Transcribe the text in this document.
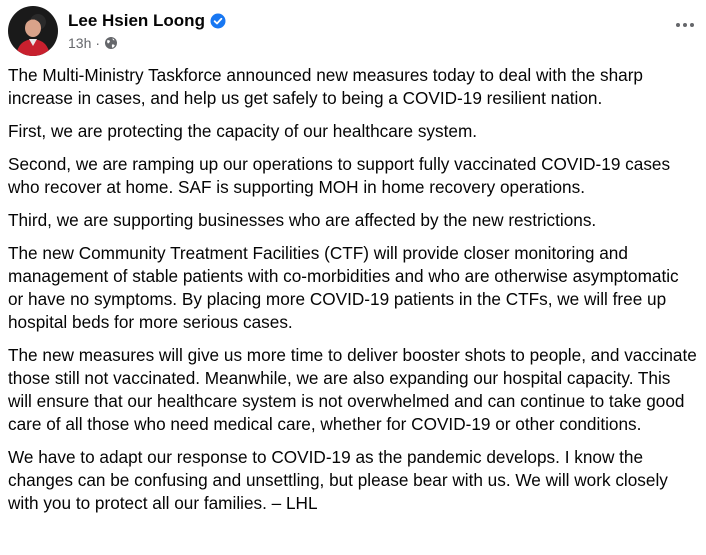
Lee Hsien Loong
13h ·

The Multi-Ministry Taskforce announced new measures today to deal with the sharp increase in cases, and help us get safely to being a COVID-19 resilient nation.

First, we are protecting the capacity of our healthcare system.

Second, we are ramping up our operations to support fully vaccinated COVID-19 cases who recover at home. SAF is supporting MOH in home recovery operations.

Third, we are supporting businesses who are affected by the new restrictions.

The new Community Treatment Facilities (CTF) will provide closer monitoring and management of stable patients with co-morbidities and who are otherwise asymptomatic or have no symptoms. By placing more COVID-19 patients in the CTFs, we will free up hospital beds for more serious cases.

The new measures will give us more time to deliver booster shots to people, and vaccinate those still not vaccinated. Meanwhile, we are also expanding our hospital capacity. This will ensure that our healthcare system is not overwhelmed and can continue to take good care of all those who need medical care, whether for COVID-19 or other conditions.

We have to adapt our response to COVID-19 as the pandemic develops. I know the changes can be confusing and unsettling, but please bear with us. We will work closely with you to protect all our families. – LHL
